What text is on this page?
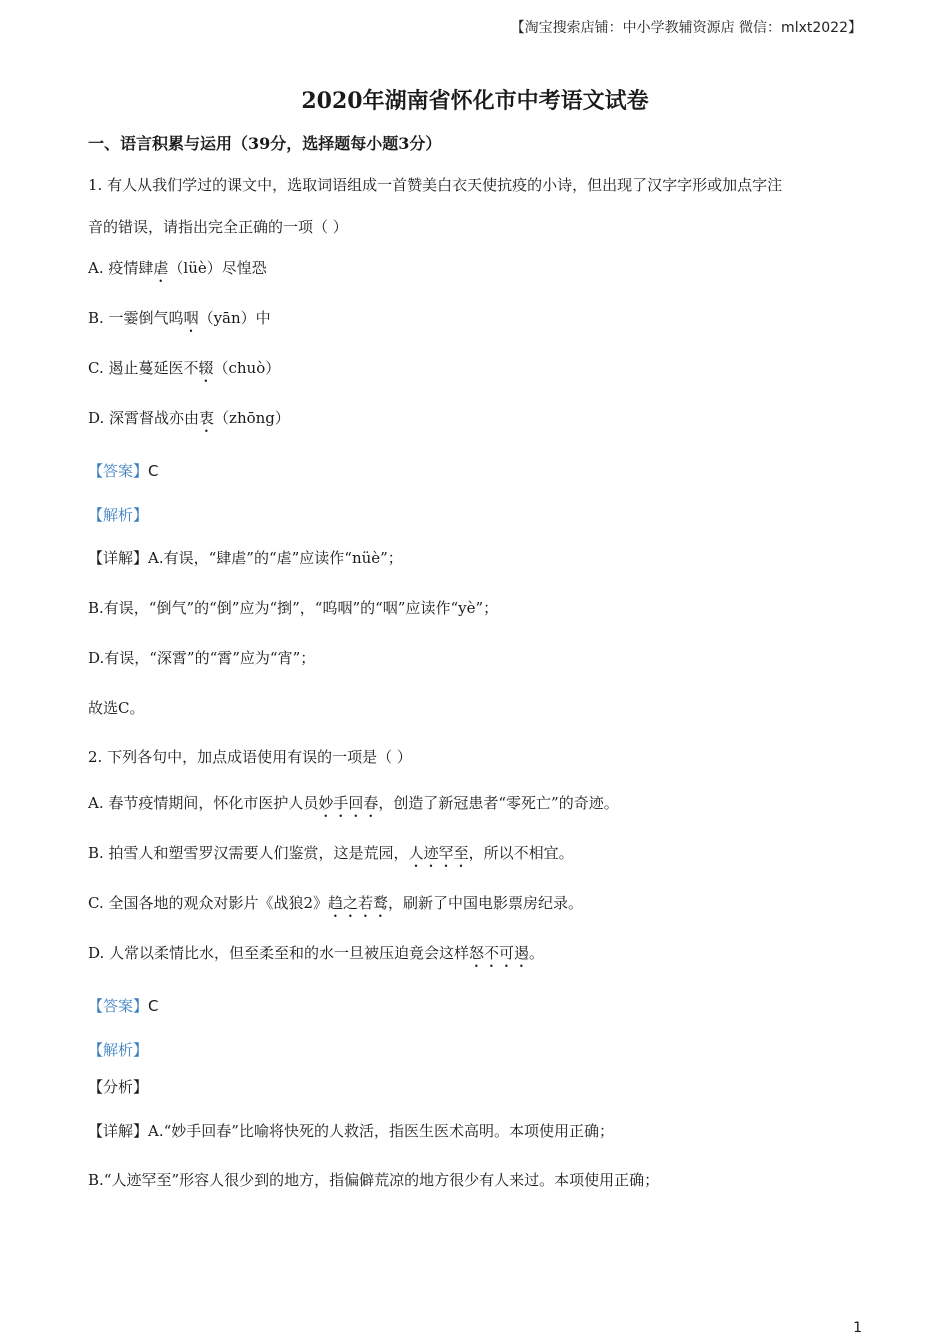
【淘宝搜索店铺：中小学教辅资源店 微信：mlxt2022】
2020年湖南省怀化市中考语文试卷
一、语言积累与运用（39分，选择题每小题3分）
1. 有人从我们学过的课文中，选取词语组成一首赞美白衣天使抗疫的小诗，但出现了汉字字形或加点字注
音的错误，请指出完全正确的一项（ ）
A. 疫情肆虐（lüè）尽惶恐
B. 一霎倒气呜咽（yān）中
C. 遏止蔓延医不辍（chuò）
D. 深霄督战亦由衷（zhōng）
【答案】C
【解析】
【详解】A.有误，“肆虐”的“虐”应读作“nüè”；
B.有误，“倒气”的“倒”应为“捯”，“呜咽”的“咽”应读作“yè”；
D.有误，“深霄”的“霄”应为“宵”；
故选C。
2. 下列各句中，加点成语使用有误的一项是（ ）
A. 春节疫情期间，怀化市医护人员妙手回春，创造了新冠患者“零死亡”的奇迹。
B. 拍雪人和塑雪罗汉需要人们鉴赏，这是荒园，人迹罕至，所以不相宜。
C. 全国各地的观众对影片《战狼2》趋之若鹜，刷新了中国电影票房纪录。
D. 人常以柔情比水，但至柔至和的水一旦被压迫竟会这样怒不可遏。
【答案】C
【解析】
【分析】
【详解】A.“妙手回春”比喻将快死的人救活，指医生医术高明。本项使用正确；
B.“人迹罕至”形容人很少到的地方，指偏僻荒凉的地方很少有人来过。本项使用正确；
1
